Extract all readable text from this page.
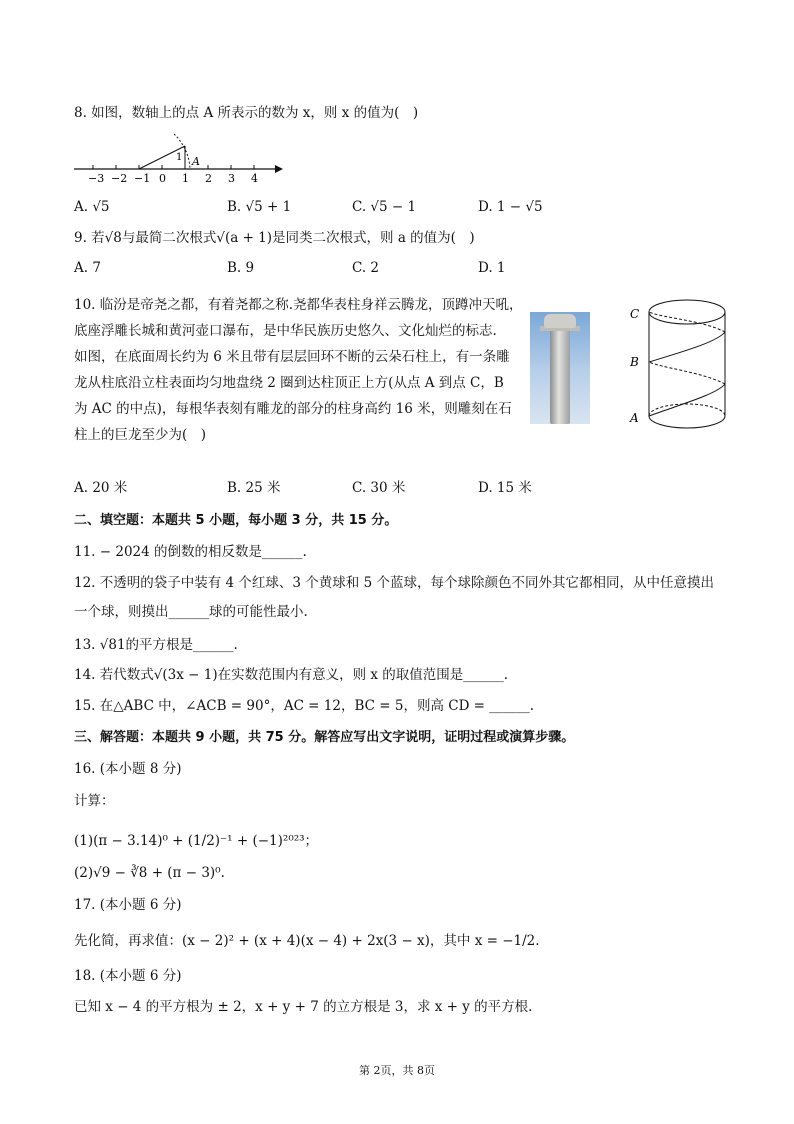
8. 如图，数轴上的点 A 所表示的数为 x，则 x 的值为(　)
−3 −2 −1 0 1 2 3 4
1 A
A. √5	B. √5 + 1	C. √5 − 1	D. 1 − √5
9. 若√8与最简二次根式√(a + 1)是同类二次根式，则 a 的值为(　)
A. 7	B. 9	C. 2	D. 1
10. 临汾是帝尧之都，有着尧都之称.尧都华表柱身祥云腾龙，顶蹲冲天吼，
底座浮雕长城和黄河壶口瀑布，是中华民族历史悠久、文化灿烂的标志.
如图，在底面周长约为 6 米且带有层层回环不断的云朵石柱上，有一条雕
龙从柱底沿立柱表面均匀地盘绕 2 圈到达柱顶正上方(从点 A 到点 C，B
为 AC 的中点)，每根华表刻有雕龙的部分的柱身高约 16 米，则雕刻在石
柱上的巨龙至少为(　)
C
B
A
A. 20 米	B. 25 米	C. 30 米	D. 15 米
二、填空题：本题共 5 小题，每小题 3 分，共 15 分。
11. − 2024 的倒数的相反数是______.
12. 不透明的袋子中装有 4 个红球、3 个黄球和 5 个蓝球，每个球除颜色不同外其它都相同，从中任意摸出
一个球，则摸出______球的可能性最小.
13. √81的平方根是______.
14. 若代数式√(3x − 1)在实数范围内有意义，则 x 的取值范围是______.
15. 在△ABC 中，∠ACB = 90°，AC = 12，BC = 5，则高 CD = ______.
三、解答题：本题共 9 小题，共 75 分。解答应写出文字说明，证明过程或演算步骤。
16. (本小题 8 分)
计算：
(1)(π − 3.14)⁰ + (1/2)⁻¹ + (−1)²⁰²³；
(2)√9 − ∛8 + (π − 3)⁰.
17. (本小题 6 分)
先化简，再求值：(x − 2)² + (x + 4)(x − 4) + 2x(3 − x)，其中 x = −1/2.
18. (本小题 6 分)
已知 x − 4 的平方根为 ± 2，x + y + 7 的立方根是 3，求 x + y 的平方根.
第 2页，共 8页
